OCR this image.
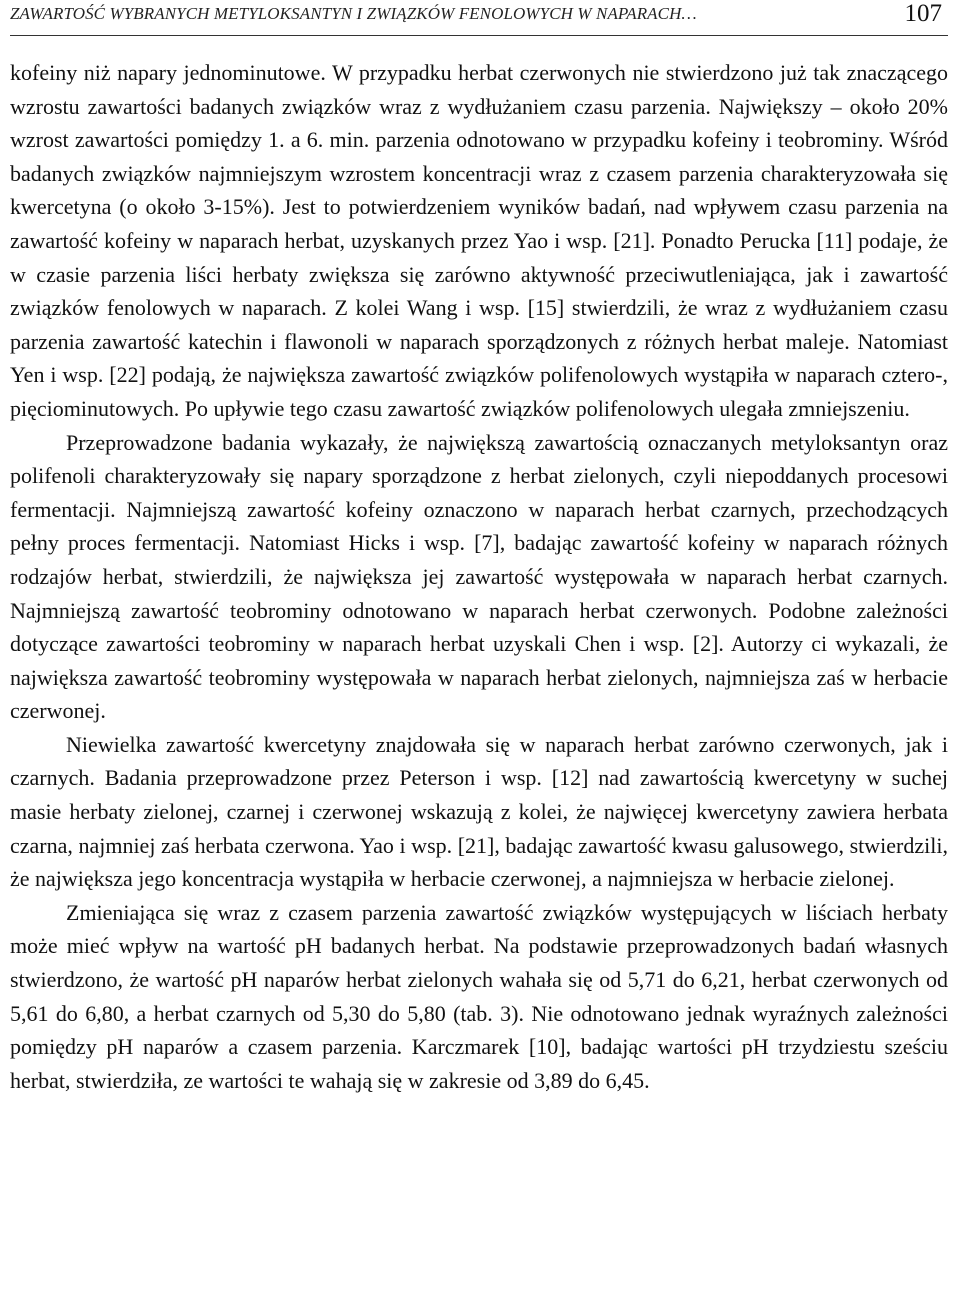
ZAWARTOŚĆ WYBRANYCH METYLOKSANTYN I ZWIĄZKÓW FENOLOWYCH W NAPARACH…	107

kofeiny niż napary jednominutowe. W przypadku herbat czerwonych nie stwierdzono już tak znaczącego wzrostu zawartości badanych związków wraz z wydłużaniem czasu parzenia. Największy – około 20% wzrost zawartości pomiędzy 1. a 6. min. parzenia odnotowano w przypadku kofeiny i teobrominy. Wśród badanych związków najmniejszym wzrostem koncentracji wraz z czasem parzenia charakteryzowała się kwercetyna (o około 3-15%). Jest to potwierdzeniem wyników badań, nad wpływem czasu parzenia na zawartość kofeiny w naparach herbat, uzyskanych przez Yao i wsp. [21]. Ponadto Perucka [11] podaje, że w czasie parzenia liści herbaty zwiększa się zarówno aktywność przeciwutleniająca, jak i zawartość związków fenolowych w naparach. Z kolei Wang i wsp. [15] stwierdzili, że wraz z wydłużaniem czasu parzenia zawartość katechin i flawonoli w naparach sporządzonych z różnych herbat maleje. Natomiast Yen i wsp. [22] podają, że największa zawartość związków polifenolowych wystąpiła w naparach cztero-, pięciominutowych. Po upływie tego czasu zawartość związków polifenolowych ulegała zmniejszeniu.

Przeprowadzone badania wykazały, że największą zawartością oznaczanych metyloksantyn oraz polifenoli charakteryzowały się napary sporządzone z herbat zielonych, czyli niepoddanych procesowi fermentacji. Najmniejszą zawartość kofeiny oznaczono w naparach herbat czarnych, przechodzących pełny proces fermentacji. Natomiast Hicks i wsp. [7], badając zawartość kofeiny w naparach różnych rodzajów herbat, stwierdzili, że największa jej zawartość występowała w naparach herbat czarnych. Najmniejszą zawartość teobrominy odnotowano w naparach herbat czerwonych. Podobne zależności dotyczące zawartości teobrominy w naparach herbat uzyskali Chen i wsp. [2]. Autorzy ci wykazali, że największa zawartość teobrominy występowała w naparach herbat zielonych, najmniejsza zaś w herbacie czerwonej.

Niewielka zawartość kwercetyny znajdowała się w naparach herbat zarówno czerwonych, jak i czarnych. Badania przeprowadzone przez Peterson i wsp. [12] nad zawartością kwercetyny w suchej masie herbaty zielonej, czarnej i czerwonej wskazują z kolei, że najwięcej kwercetyny zawiera herbata czarna, najmniej zaś herbata czerwona. Yao i wsp. [21], badając zawartość kwasu galusowego, stwierdzili, że największa jego koncentracja wystąpiła w herbacie czerwonej, a najmniejsza w herbacie zielonej.

Zmieniająca się wraz z czasem parzenia zawartość związków występujących w liściach herbaty może mieć wpływ na wartość pH badanych herbat. Na podstawie przeprowadzonych badań własnych stwierdzono, że wartość pH naparów herbat zielonych wahała się od 5,71 do 6,21, herbat czerwonych od 5,61 do 6,80, a herbat czarnych od 5,30 do 5,80 (tab. 3). Nie odnotowano jednak wyraźnych zależności pomiędzy pH naparów a czasem parzenia. Karczmarek [10], badając wartości pH trzydziestu sześciu herbat, stwierdziła, ze wartości te wahają się w zakresie od 3,89 do 6,45.
